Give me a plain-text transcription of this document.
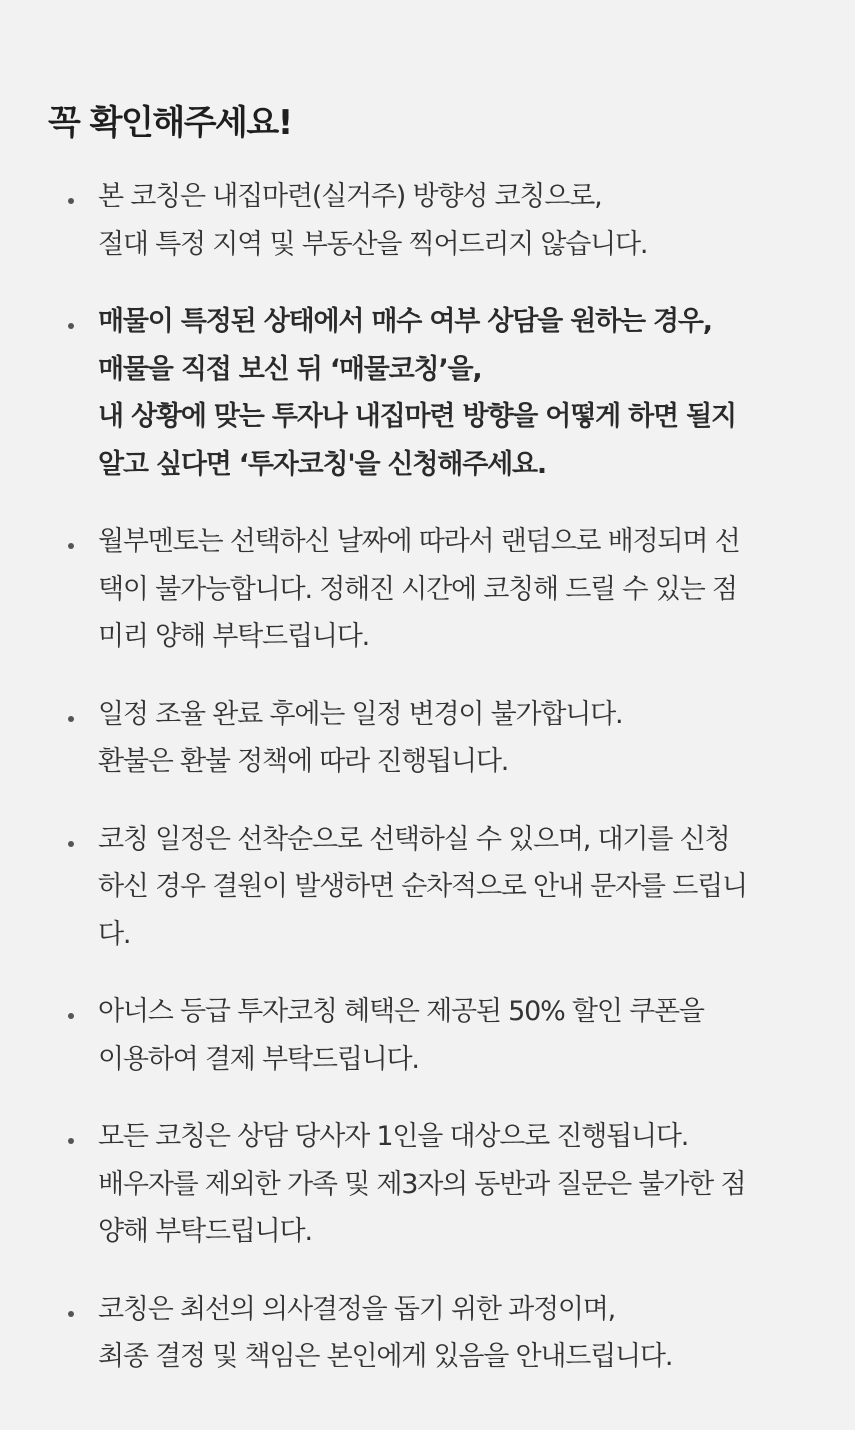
꼭 확인해주세요!
본 코칭은 내집마련(실거주) 방향성 코칭으로,
절대 특정 지역 및 부동산을 찍어드리지 않습니다.
매물이 특정된 상태에서 매수 여부 상담을 원하는 경우,
매물을 직접 보신 뒤 ‘매물코칭’을,
내 상황에 맞는 투자나 내집마련 방향을 어떻게 하면 될지
알고 싶다면 ‘투자코칭'을 신청해주세요.
월부멘토는 선택하신 날짜에 따라서 랜덤으로 배정되며 선
택이 불가능합니다. 정해진 시간에 코칭해 드릴 수 있는 점
미리 양해 부탁드립니다.
일정 조율 완료 후에는 일정 변경이 불가합니다.
환불은 환불 정책에 따라 진행됩니다.
코칭 일정은 선착순으로 선택하실 수 있으며, 대기를 신청
하신 경우 결원이 발생하면 순차적으로 안내 문자를 드립니
다.
아너스 등급 투자코칭 혜택은 제공된 50% 할인 쿠폰을
이용하여 결제 부탁드립니다.
모든 코칭은 상담 당사자 1인을 대상으로 진행됩니다.
배우자를 제외한 가족 및 제3자의 동반과 질문은 불가한 점
양해 부탁드립니다.
코칭은 최선의 의사결정을 돕기 위한 과정이며,
최종 결정 및 책임은 본인에게 있음을 안내드립니다.
